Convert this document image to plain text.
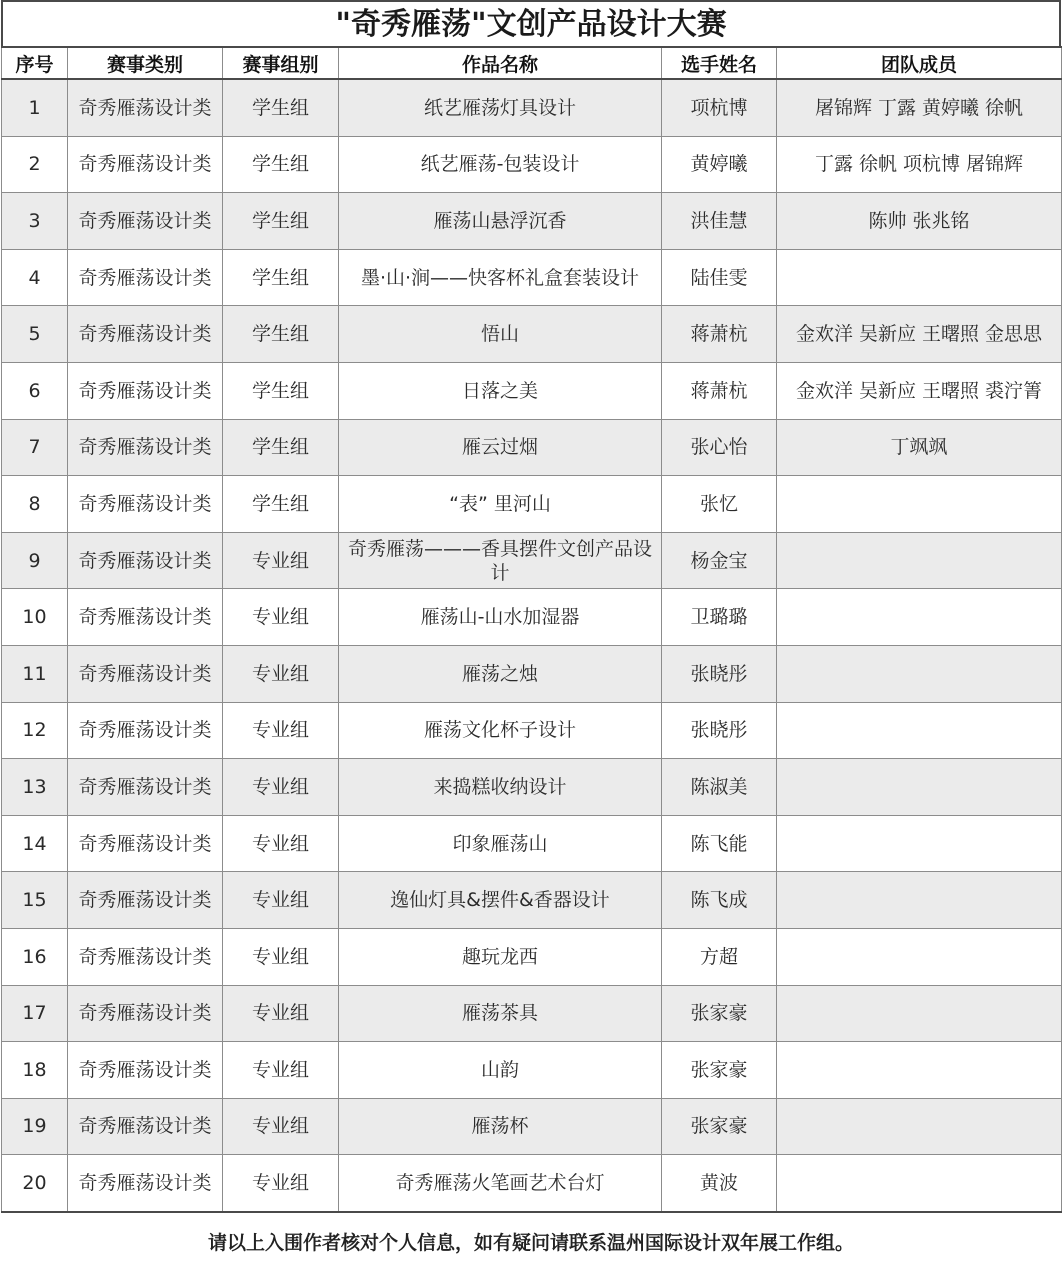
"奇秀雁荡"文创产品设计大赛
序号	赛事类别	赛事组别	作品名称	选手姓名	团队成员
1	奇秀雁荡设计类	学生组	纸艺雁荡灯具设计	项杭博	屠锦辉 丁露 黄婷曦 徐帆
2	奇秀雁荡设计类	学生组	纸艺雁荡-包装设计	黄婷曦	丁露 徐帆 项杭博 屠锦辉
3	奇秀雁荡设计类	学生组	雁荡山悬浮沉香	洪佳慧	陈帅 张兆铭
4	奇秀雁荡设计类	学生组	墨·山·涧——快客杯礼盒套装设计	陆佳雯	
5	奇秀雁荡设计类	学生组	悟山	蒋萧杭	金欢洋 吴新应 王曙照 金思思
6	奇秀雁荡设计类	学生组	日落之美	蒋萧杭	金欢洋 吴新应 王曙照 裘泞箐
7	奇秀雁荡设计类	学生组	雁云过烟	张心怡	丁飒飒
8	奇秀雁荡设计类	学生组	“表” 里河山	张忆	
9	奇秀雁荡设计类	专业组	奇秀雁荡———香具摆件文创产品设计	杨金宝	
10	奇秀雁荡设计类	专业组	雁荡山-山水加湿器	卫璐璐	
11	奇秀雁荡设计类	专业组	雁荡之烛	张晓彤	
12	奇秀雁荡设计类	专业组	雁荡文化杯子设计	张晓彤	
13	奇秀雁荡设计类	专业组	来捣糕收纳设计	陈淑美	
14	奇秀雁荡设计类	专业组	印象雁荡山	陈飞能	
15	奇秀雁荡设计类	专业组	逸仙灯具&摆件&香器设计	陈飞成	
16	奇秀雁荡设计类	专业组	趣玩龙西	方超	
17	奇秀雁荡设计类	专业组	雁荡茶具	张家豪	
18	奇秀雁荡设计类	专业组	山韵	张家豪	
19	奇秀雁荡设计类	专业组	雁荡杯	张家豪	
20	奇秀雁荡设计类	专业组	奇秀雁荡火笔画艺术台灯	黄波	
请以上入围作者核对个人信息，如有疑问请联系温州国际设计双年展工作组。
